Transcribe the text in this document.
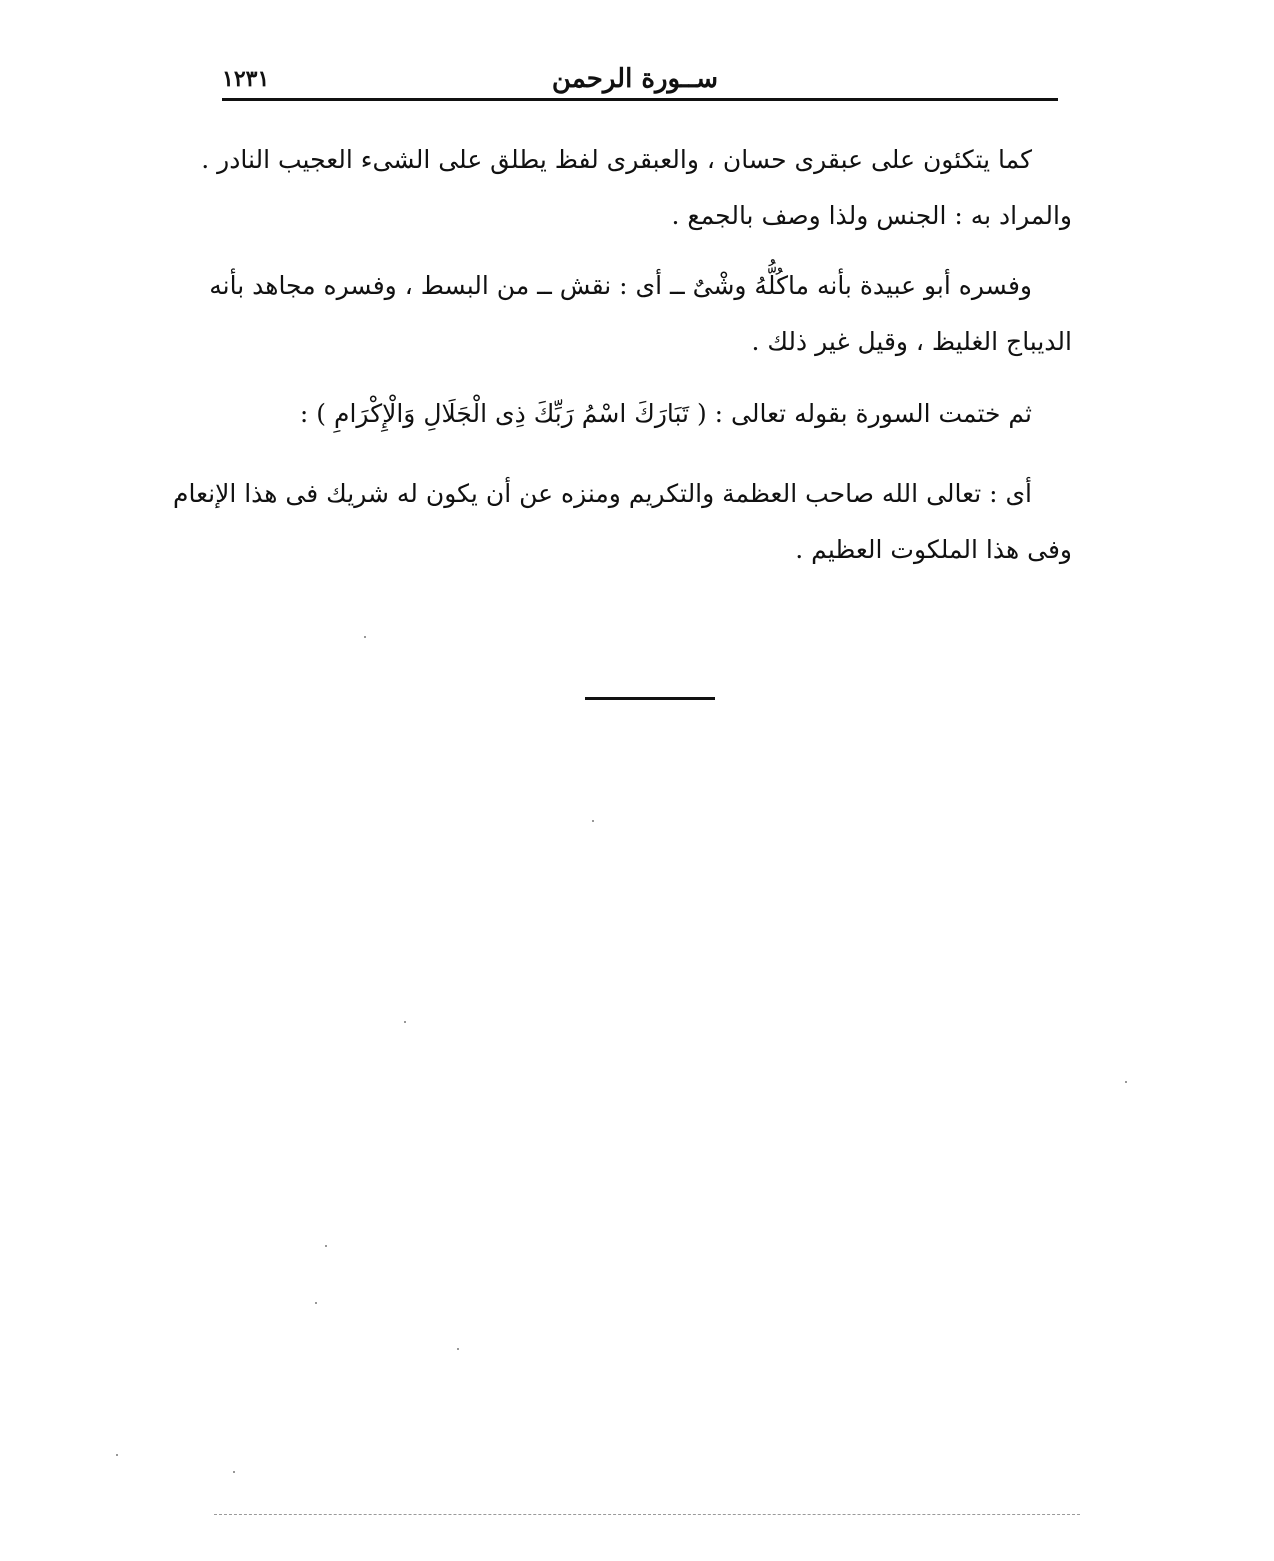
ســورة الرحمن
١٢٣١
كما يتكئون على عبقرى حسان ، والعبقرى لفظ يطلق على الشىء العجيب النادر .
والمراد به : الجنس ولذا وصف بالجمع .
وفسره أبو عبيدة بأنه ماكُلُّهُ وشْىٌ ــ أى : نقش ــ من البسط ، وفسره مجاهد بأنه
الديباج الغليظ ، وقيل غير ذلك .
ثم ختمت السورة بقوله تعالى : ( تَبَارَكَ اسْمُ رَبِّكَ ذِى الْجَلَالِ وَالْإِكْرَامِ ) :
أى : تعالى الله صاحب العظمة والتكريم ومنزه عن أن يكون له شريك فى هذا الإنعام
وفى هذا الملكوت العظيم .
